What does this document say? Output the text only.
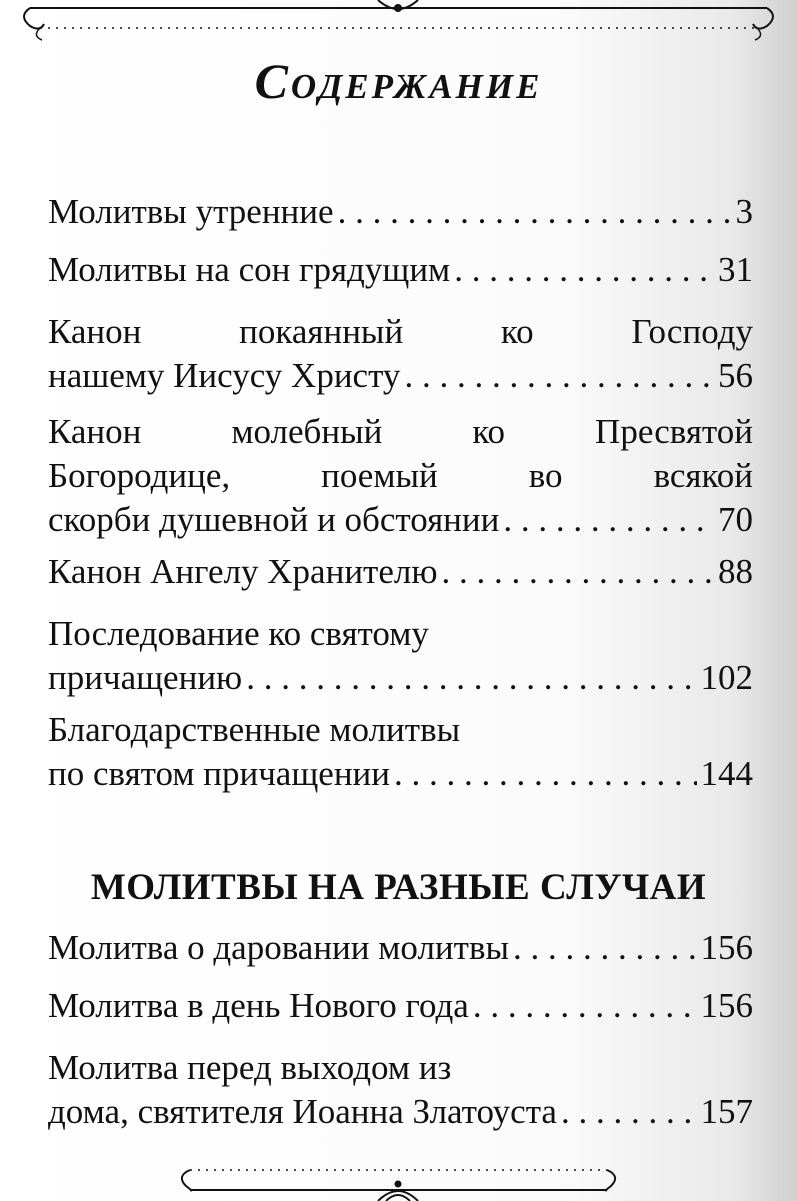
Содержание
Молитвы утренние . . .	3
Молитвы на сон грядущим . . .	31
Канон покаянный ко Господу
нашему Иисусу Христу . . .	56
Канон молебный ко Пресвятой
Богородице, поемый во всякой
скорби душевной и обстоянии . . .	70
Канон Ангелу Хранителю . . .	88
Последование ко святому
причащению . . .	102
Благодарственные молитвы
по святом причащении . . .	144
МОЛИТВЫ НА РАЗНЫЕ СЛУЧАИ
Молитва о даровании молитвы . . .	156
Молитва в день Нового года . . .	156
Молитва перед выходом из
дома, святителя Иоанна Златоуста . . .	157
